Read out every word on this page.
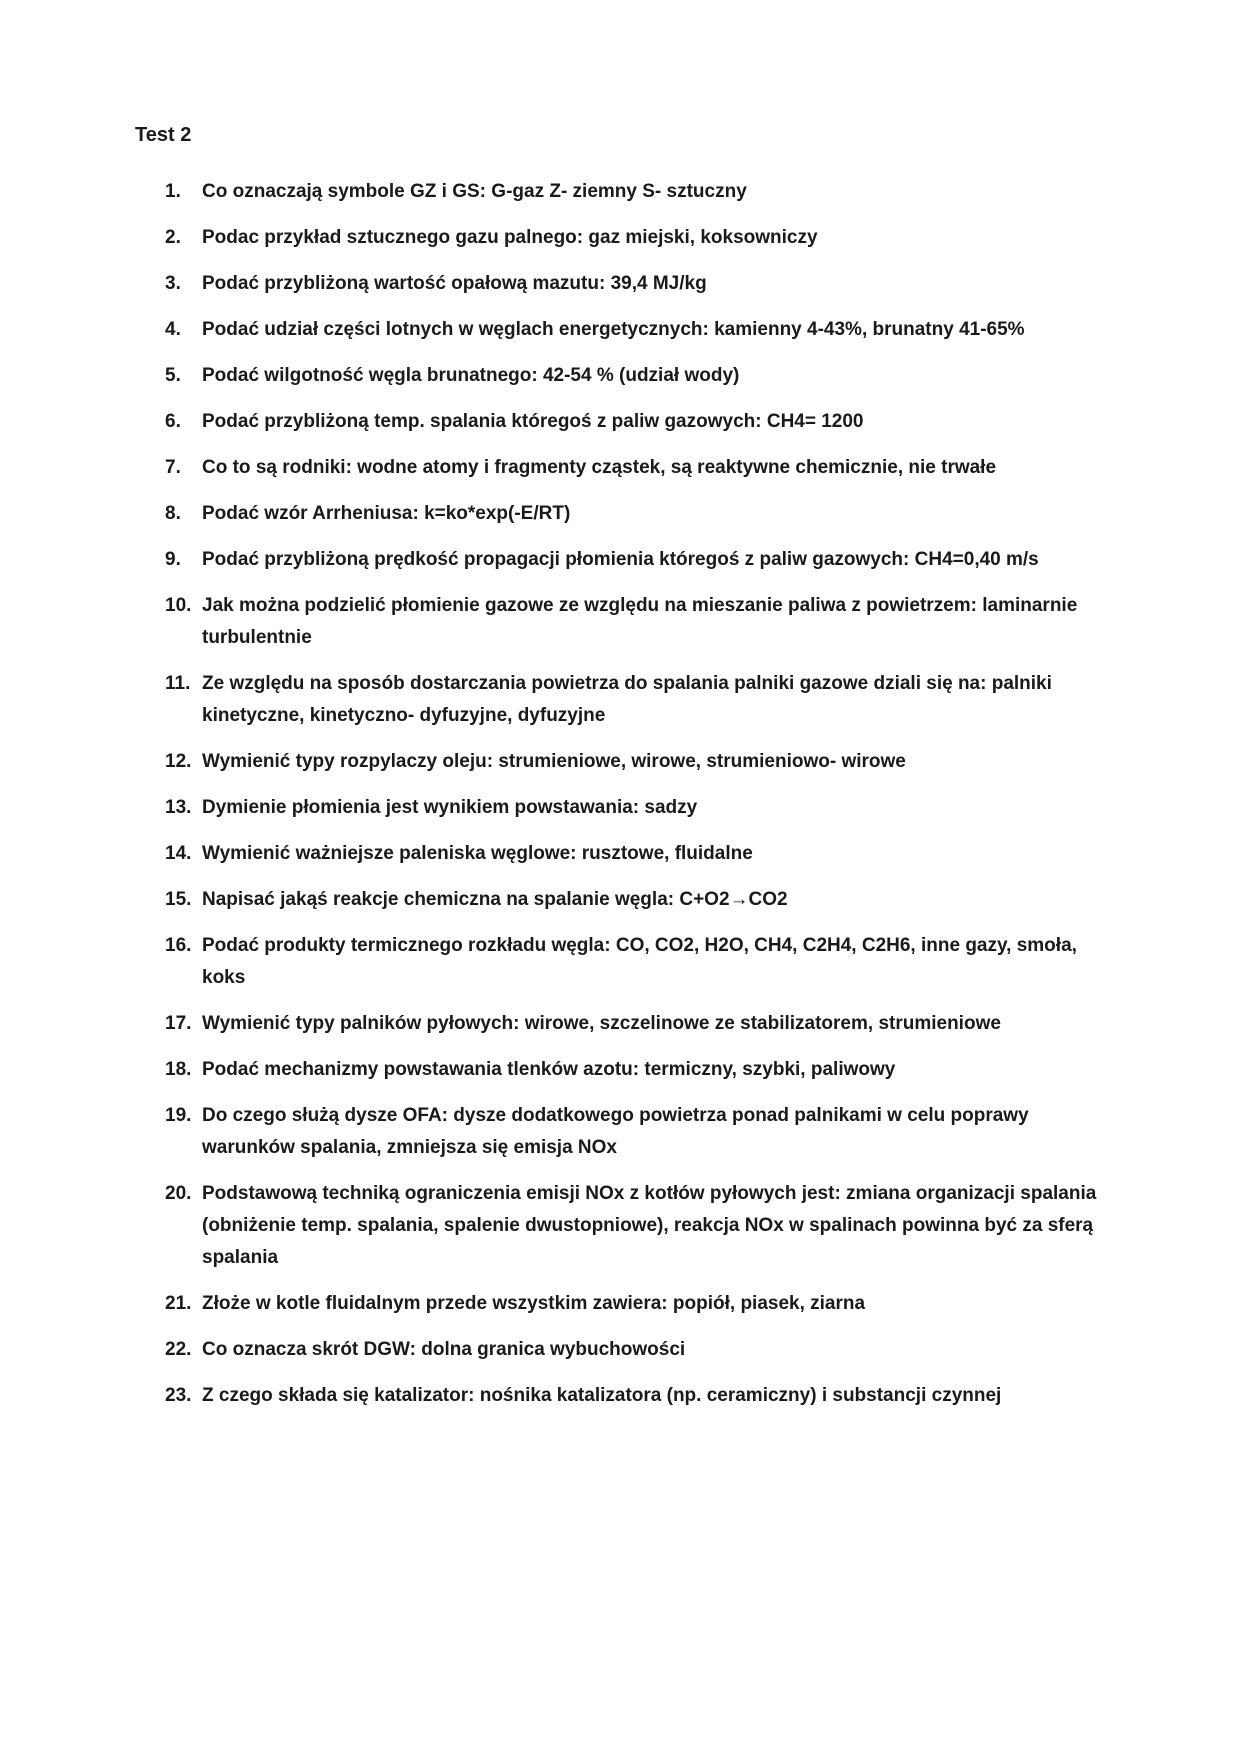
Test 2
1.	Co oznaczają symbole GZ i GS: G-gaz Z- ziemny S- sztuczny
2.	Podac przykład sztucznego gazu palnego: gaz miejski, koksowniczy
3.	Podać przybliżoną wartość opałową mazutu: 39,4 MJ/kg
4.	Podać udział części lotnych w węglach energetycznych: kamienny 4-43%, brunatny 41-65%
5.	Podać wilgotność węgla brunatnego: 42-54 % (udział wody)
6.	Podać przybliżoną temp. spalania któregoś z paliw gazowych: CH4= 1200
7.	Co to są rodniki: wodne atomy i fragmenty cząstek, są reaktywne chemicznie, nie trwałe
8.	Podać wzór Arrheniusa: k=ko*exp(-E/RT)
9.	Podać przybliżoną prędkość propagacji płomienia któregoś z paliw gazowych: CH4=0,40 m/s
10. Jak można podzielić płomienie gazowe ze względu na mieszanie paliwa z powietrzem: laminarnie turbulentnie
11. Ze względu na sposób dostarczania powietrza do spalania palniki gazowe dziali się na: palniki kinetyczne, kinetyczno- dyfuzyjne, dyfuzyjne
12. Wymienić typy rozpylaczy oleju: strumieniowe, wirowe, strumieniowo- wirowe
13. Dymienie płomienia jest wynikiem powstawania: sadzy
14. Wymienić ważniejsze paleniska węglowe: rusztowe, fluidalne
15. Napisać jakąś reakcje chemiczna na spalanie węgla: C+O2→CO2
16. Podać produkty termicznego rozkładu węgla: CO, CO2, H2O, CH4, C2H4, C2H6, inne gazy, smoła, koks
17. Wymienić typy palników pyłowych: wirowe, szczelinowe ze stabilizatorem, strumieniowe
18. Podać mechanizmy powstawania tlenków azotu: termiczny, szybki, paliwowy
19. Do czego służą dysze OFA: dysze dodatkowego powietrza ponad palnikami w celu poprawy warunków spalania, zmniejsza się emisja NOx
20. Podstawową techniką ograniczenia emisji NOx z kotłów pyłowych jest: zmiana organizacji spalania (obniżenie temp. spalania, spalenie dwustopniowe), reakcja NOx w spalinach powinna być za sferą spalania
21. Złoże w kotle fluidalnym przede wszystkim zawiera: popiół, piasek, ziarna
22. Co oznacza skrót DGW: dolna granica wybuchowości
23. Z czego składa się katalizator: nośnika katalizatora (np. ceramiczny) i substancji czynnej
